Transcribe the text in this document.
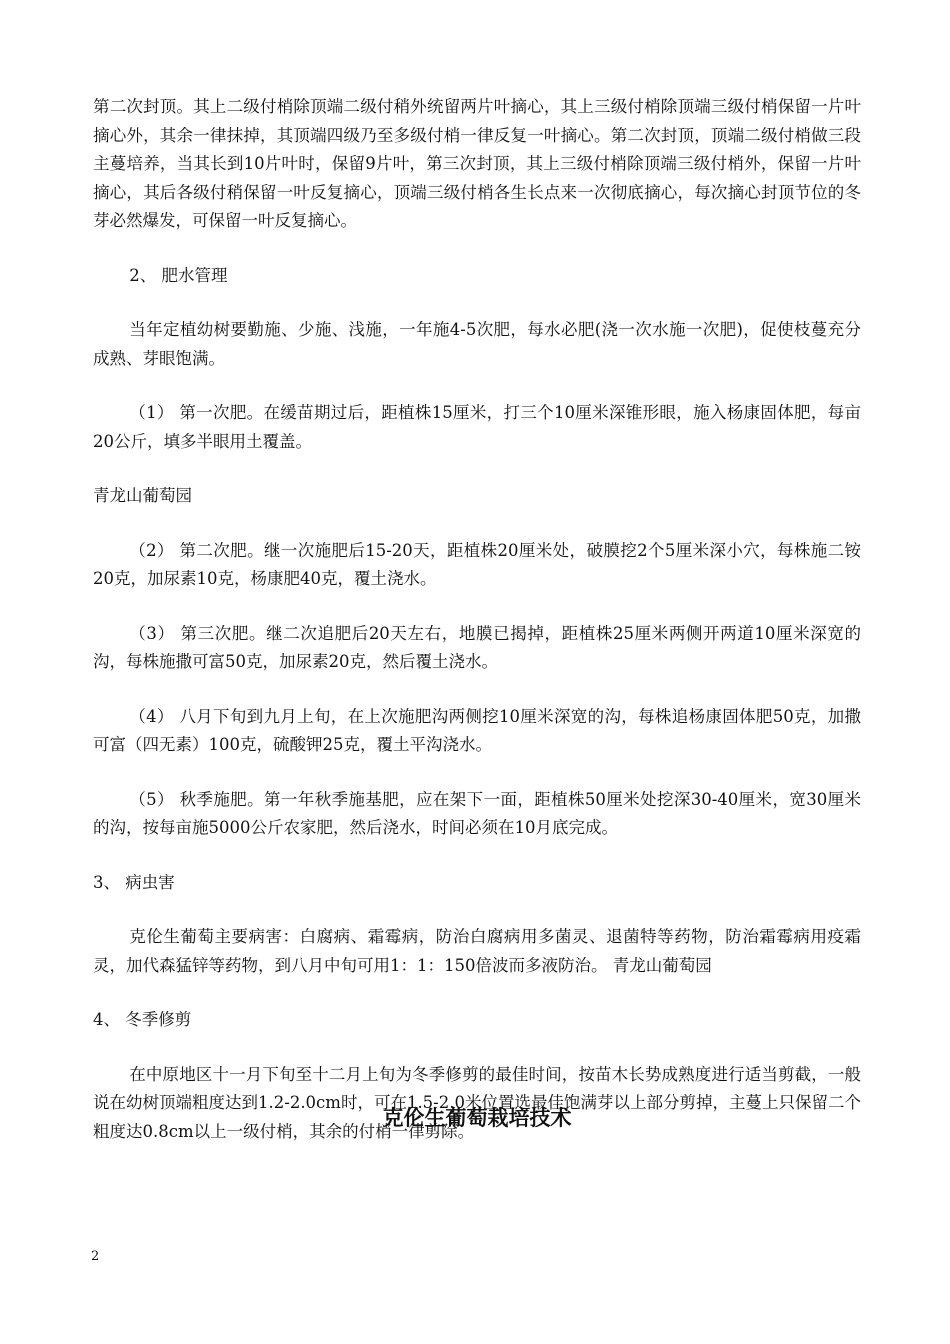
第二次封顶。其上二级付梢除顶端二级付稍外统留两片叶摘心，其上三级付梢除顶端三级付梢保留一片叶摘心外，其余一律抹掉，其顶端四级乃至多级付梢一律反复一叶摘心。第二次封顶，顶端二级付梢做三段主蔓培养，当其长到10片叶时，保留9片叶，第三次封顶，其上三级付梢除顶端三级付梢外，保留一片叶摘心，其后各级付稍保留一叶反复摘心，顶端三级付梢各生长点来一次彻底摘心，每次摘心封顶节位的冬芽必然爆发，可保留一叶反复摘心。

2、 肥水管理

当年定植幼树要勤施、少施、浅施，一年施4-5次肥，每水必肥(浇一次水施一次肥)，促使枝蔓充分成熟、芽眼饱满。

（1） 第一次肥。在缓苗期过后，距植株15厘米，打三个10厘米深锥形眼，施入杨康固体肥，每亩20公斤，填多半眼用土覆盖。

青龙山葡萄园

（2） 第二次肥。继一次施肥后15-20天，距植株20厘米处，破膜挖2个5厘米深小穴，每株施二铵20克，加尿素10克，杨康肥40克，覆土浇水。

（3） 第三次肥。继二次追肥后20天左右，地膜已揭掉，距植株25厘米两侧开两道10厘米深宽的沟，每株施撒可富50克，加尿素20克，然后覆土浇水。

（4） 八月下旬到九月上旬，在上次施肥沟两侧挖10厘米深宽的沟，每株追杨康固体肥50克，加撒可富（四无素）100克，硫酸钾25克，覆土平沟浇水。

（5） 秋季施肥。第一年秋季施基肥，应在架下一面，距植株50厘米处挖深30-40厘米，宽30厘米的沟，按每亩施5000公斤农家肥，然后浇水，时间必须在10月底完成。

3、 病虫害

克伦生葡萄主要病害：白腐病、霜霉病，防治白腐病用多菌灵、退菌特等药物，防治霜霉病用疫霜灵，加代森猛锌等药物，到八月中旬可用1：1：150倍波而多液防治。 青龙山葡萄园

4、 冬季修剪

在中原地区十一月下旬至十二月上旬为冬季修剪的最佳时间，按苗木长势成熟度进行适当剪截，一般说在幼树顶端粗度达到1.2-2.0cm时，可在1.5-2.0米位置选最佳饱满芽以上部分剪掉，主蔓上只保留二个粗度达0.8cm以上一级付梢，其余的付梢一律剪除。

克伦生葡萄栽培技术
2
